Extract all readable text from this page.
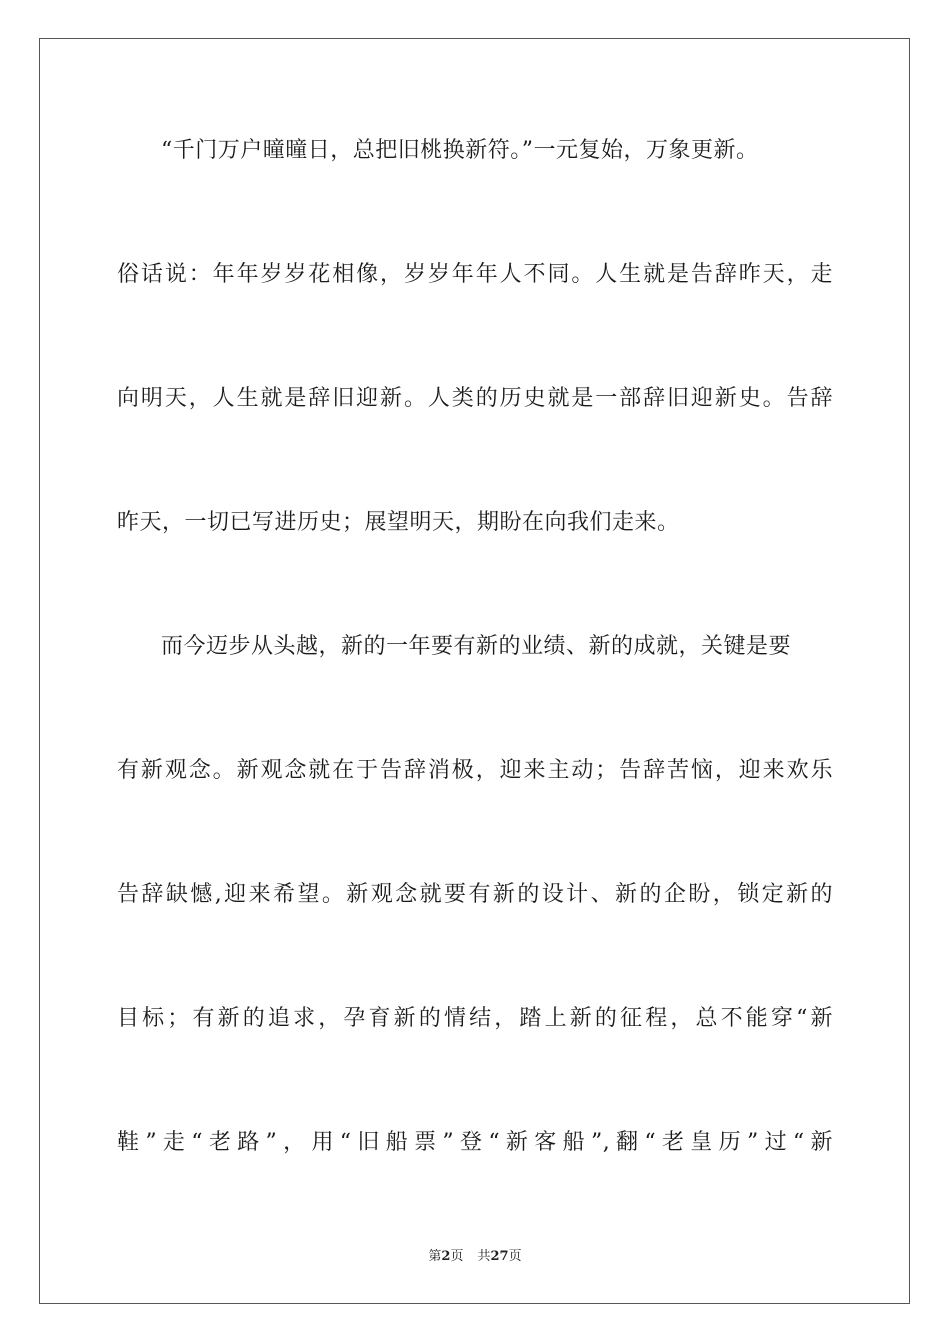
“千门万户曈曈日，总把旧桃换新符。”一元复始，万象更新。
俗话说：年年岁岁花相像，岁岁年年人不同。人生就是告辞昨天，走
向明天，人生就是辞旧迎新。人类的历史就是一部辞旧迎新史。告辞
昨天，一切已写进历史；展望明天，期盼在向我们走来。
而今迈步从头越，新的一年要有新的业绩、新的成就，关键是要
有新观念。新观念就在于告辞消极，迎来主动；告辞苦恼，迎来欢乐
告辞缺憾,迎来希望。新观念就要有新的设计、新的企盼，锁定新的
目标；有新的追求，孕育新的情结，踏上新的征程，总不能穿“新
鞋”走“老路”，用“旧船票”登“新客船”,翻“老皇历”过“新
第2页 共27页
